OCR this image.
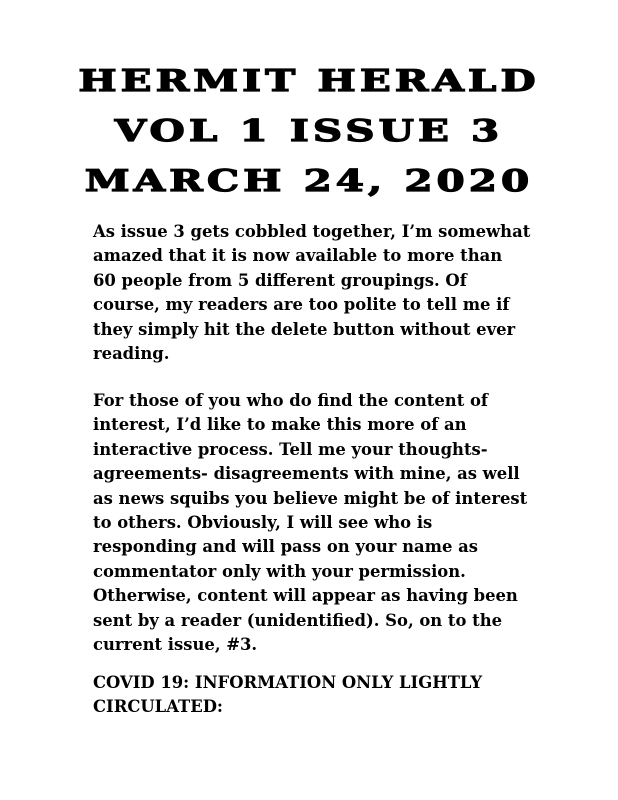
HERMIT HERALD
VOL 1 ISSUE 3
MARCH 24, 2020
As issue 3 gets cobbled together, I’m somewhat
amazed that it is now available to more than
60 people from 5 different groupings. Of
course, my readers are too polite to tell me if
they simply hit the delete button without ever
reading.
For those of you who do find the content of
interest, I’d like to make this more of an
interactive process. Tell me your thoughts-
agreements- disagreements with mine, as well
as news squibs you believe might be of interest
to others. Obviously, I will see who is
responding and will pass on your name as
commentator only with your permission.
Otherwise, content will appear as having been
sent by a reader (unidentified). So, on to the
current issue, #3.
COVID 19: INFORMATION ONLY LIGHTLY
CIRCULATED:
